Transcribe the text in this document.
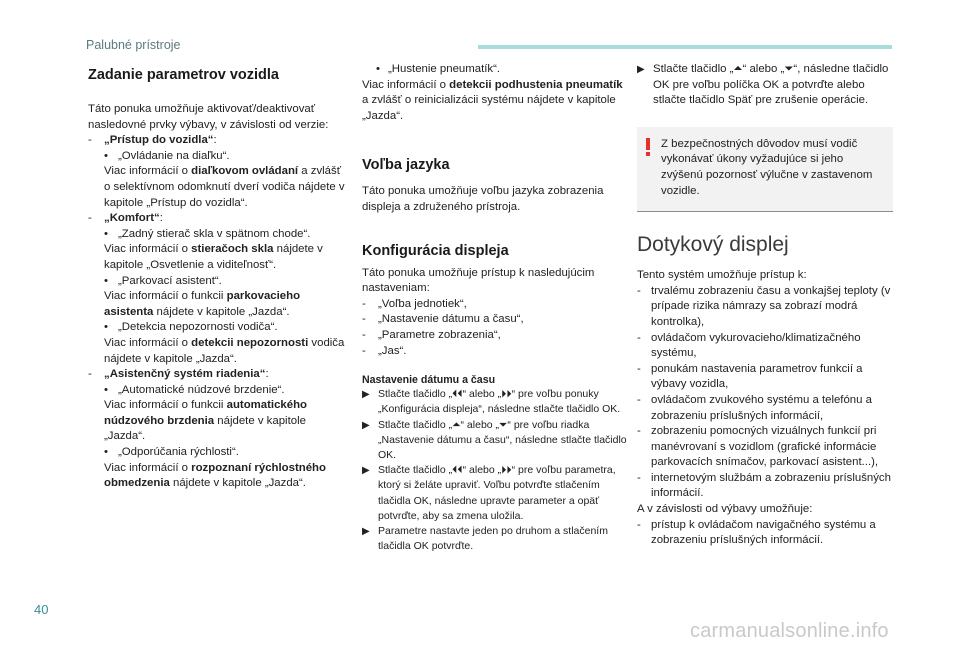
Palubné prístroje
Zadanie parametrov vozidla

Táto ponuka umožňuje aktivovať/deaktivovať nasledovné prvky výbavy, v závislosti od verzie:

- „Prístup do vozidla“:
• „Ovládanie na diaľku“.

Viac informácií o diaľkovom ovládaní a zvlášť o selektívnom odomknutí dverí vodiča nájdete v kapitole „Prístup do vozidla“.

- „Komfort“:
• „Zadný stierač skla v spätnom chode“.

Viac informácií o stieračoch skla nájdete v kapitole „Osvetlenie a viditeľnosť“.

• „Parkovací asistent“.

Viac informácií o funkcii parkovacieho asistenta nájdete v kapitole „Jazda“.

• „Detekcia nepozornosti vodiča“.

Viac informácií o detekcii nepozornosti vodiča nájdete v kapitole „Jazda“.

- „Asistenčný systém riadenia“:
• „Automatické núdzové brzdenie“.

Viac informácií o funkcii automatického núdzového brzdenia nájdete v kapitole „Jazda“.

• „Odporúčania rýchlosti“.

Viac informácií o rozpoznaní rýchlostného obmedzenia nájdete v kapitole „Jazda“.

• „Hustenie pneumatík“.

Viac informácií o detekcii podhustenia pneumatík a zvlášť o reinicializácii systému nájdete v kapitole „Jazda“.

Voľba jazyka

Táto ponuka umožňuje voľbu jazyka zobrazenia displeja a združeného prístroja.

Konfigurácia displeja

Táto ponuka umožňuje prístup k nasledujúcim nastaveniam:

- „Voľba jednotiek“,
- „Nastavenie dátumu a času“,
- „Parametre zobrazenia“,
- „Jas“.
Nastavenie dátumu a času
▶ Stlačte tlačidlo „⏴⏴“ alebo „⏵⏵“ pre voľbu ponuky „Konfigurácia displeja“, následne stlačte tlačidlo OK.
▶ Stlačte tlačidlo „⏶“ alebo „⏷“ pre voľbu riadka „Nastavenie dátumu a času“, následne stlačte tlačidlo OK.
▶ Stlačte tlačidlo „⏴⏴“ alebo „⏵⏵“ pre voľbu parametra, ktorý si želáte upraviť. Voľbu potvrďte stlačením tlačidla OK, následne upravte parameter a opäť potvrďte, aby sa zmena uložila.
▶ Parametre nastavte jeden po druhom a stlačením tlačidla OK potvrďte.
▶ Stlačte tlačidlo „⏶“ alebo „⏷“, následne tlačidlo OK pre voľbu políčka OK a potvrďte alebo stlačte tlačidlo Späť pre zrušenie operácie.

Z bezpečnostných dôvodov musí vodič vykonávať úkony vyžadujúce si jeho zvýšenú pozornosť výlučne v zastavenom vozidle.

Dotykový displej

Tento systém umožňuje prístup k:

- trvalému zobrazeniu času a vonkajšej teploty (v prípade rizika námrazy sa zobrazí modrá kontrolka),
- ovládačom vykurovacieho/klimatizačného systému,
- ponukám nastavenia parametrov funkcií a výbavy vozidla,
- ovládačom zvukového systému a telefónu a zobrazeniu príslušných informácií,
- zobrazeniu pomocných vizuálnych funkcií pri manévrovaní s vozidlom (grafické informácie parkovacích snímačov, parkovací asistent...),
- internetovým službám a zobrazeniu príslušných informácií.

A v závislosti od výbavy umožňuje:

- prístup k ovládačom navigačného systému a zobrazeniu príslušných informácií.
40
carmanualsonline.info
